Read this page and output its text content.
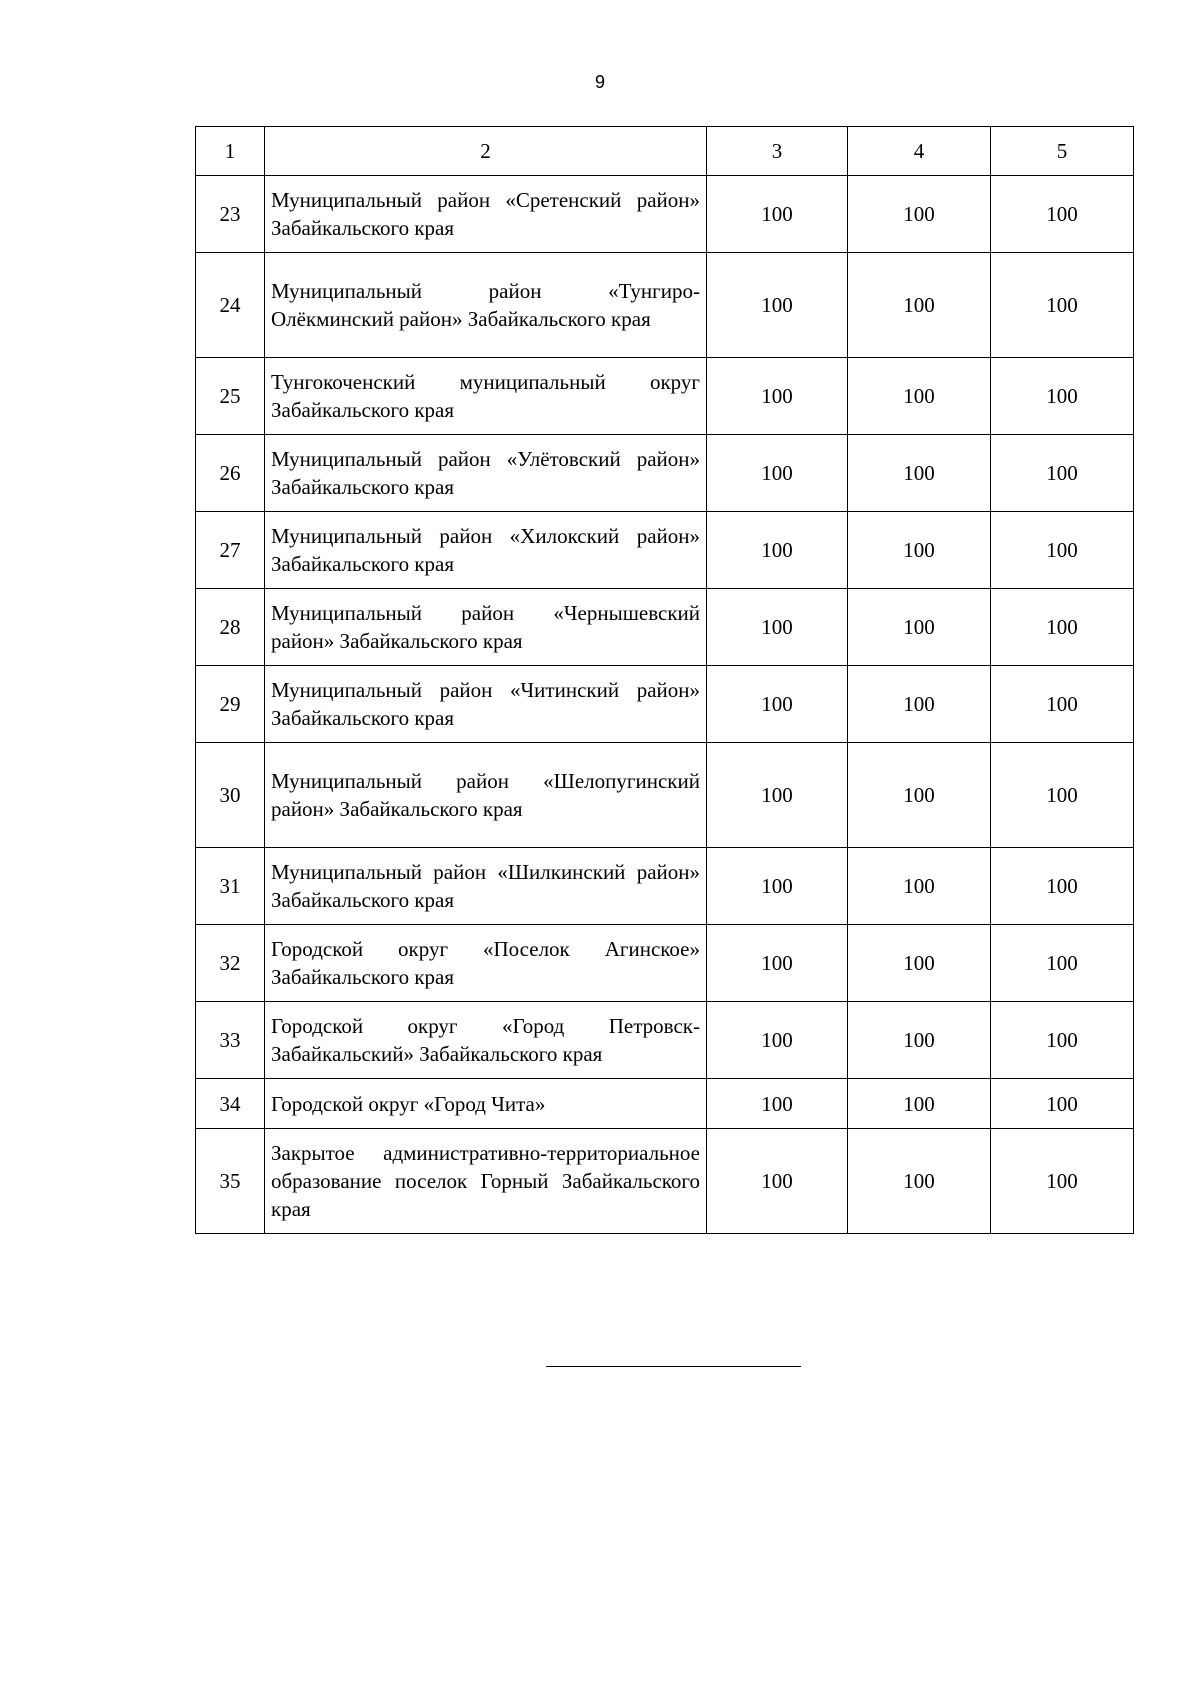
9
1	2	3	4	5
23	Муниципальный район «Сретенский район» Забайкальского края	100	100	100
24	Муниципальный район «Тунгиро-Олёкминский район» Забайкальского края	100	100	100
25	Тунгокоченский муниципальный округ Забайкальского края	100	100	100
26	Муниципальный район «Улётовский район» Забайкальского края	100	100	100
27	Муниципальный район «Хилокский район» Забайкальского края	100	100	100
28	Муниципальный район «Чернышевский район» Забайкальского края	100	100	100
29	Муниципальный район «Читинский район» Забайкальского края	100	100	100
30	Муниципальный район «Шелопугинский район» Забайкальского края	100	100	100
31	Муниципальный район «Шилкинский район» Забайкальского края	100	100	100
32	Городской округ «Поселок Агинское» Забайкальского края	100	100	100
33	Городской округ «Город Петровск-Забайкальский» Забайкальского края	100	100	100
34	Городской округ «Город Чита»	100	100	100
35	Закрытое административно-территориальное образование поселок Горный Забайкальского края	100	100	100
